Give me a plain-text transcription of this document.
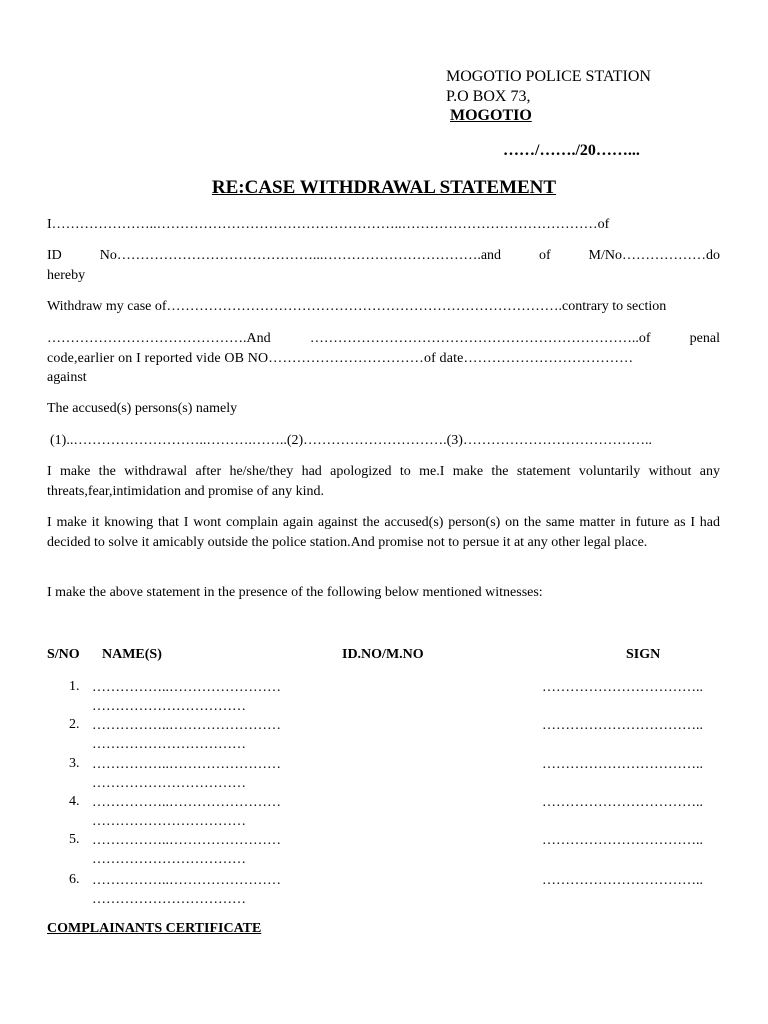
MOGOTIO POLICE STATION
P.O BOX 73,
MOGOTIO
……/……./20……...
RE:CASE WITHDRAWAL STATEMENT
I…………………..……………………………………………..……………………………………of
ID	No……………………………………...…………………………….and	of	M/No………………do
hereby
Withdraw my case of………………………………………………………………………….contrary to section
…………………………………….And	……………………………………………………………..of	penal
code,earlier on I reported vide OB NO……………………………of date………………………………
against
The accused(s) persons(s) namely
(1)..………………………..……….……..(2)………………………….(3)…………………………………..
I make the withdrawal after he/she/they had apologized to me.I make the statement voluntarily without any threats,fear,intimidation and promise of any kind.
I make it knowing that I wont complain again against the accused(s) person(s) on the same matter in future as I had decided to solve it amicably outside the police station.And promise not to persue it at any other legal place.
I make the above statement in the presence of the following below mentioned witnesses:
S/NO NAME(S)	ID.NO/M.NO	SIGN
1. ……………..……………………
……………………………
……………………………..
2. ……………..……………………
……………………………
……………………………..
3. ……………..……………………
……………………………
……………………………..
4. ……………..……………………
……………………………
……………………………..
5. ……………..……………………
……………………………
……………………………..
6. ……………..……………………
……………………………
……………………………..
COMPLAINANTS CERTIFICATE
